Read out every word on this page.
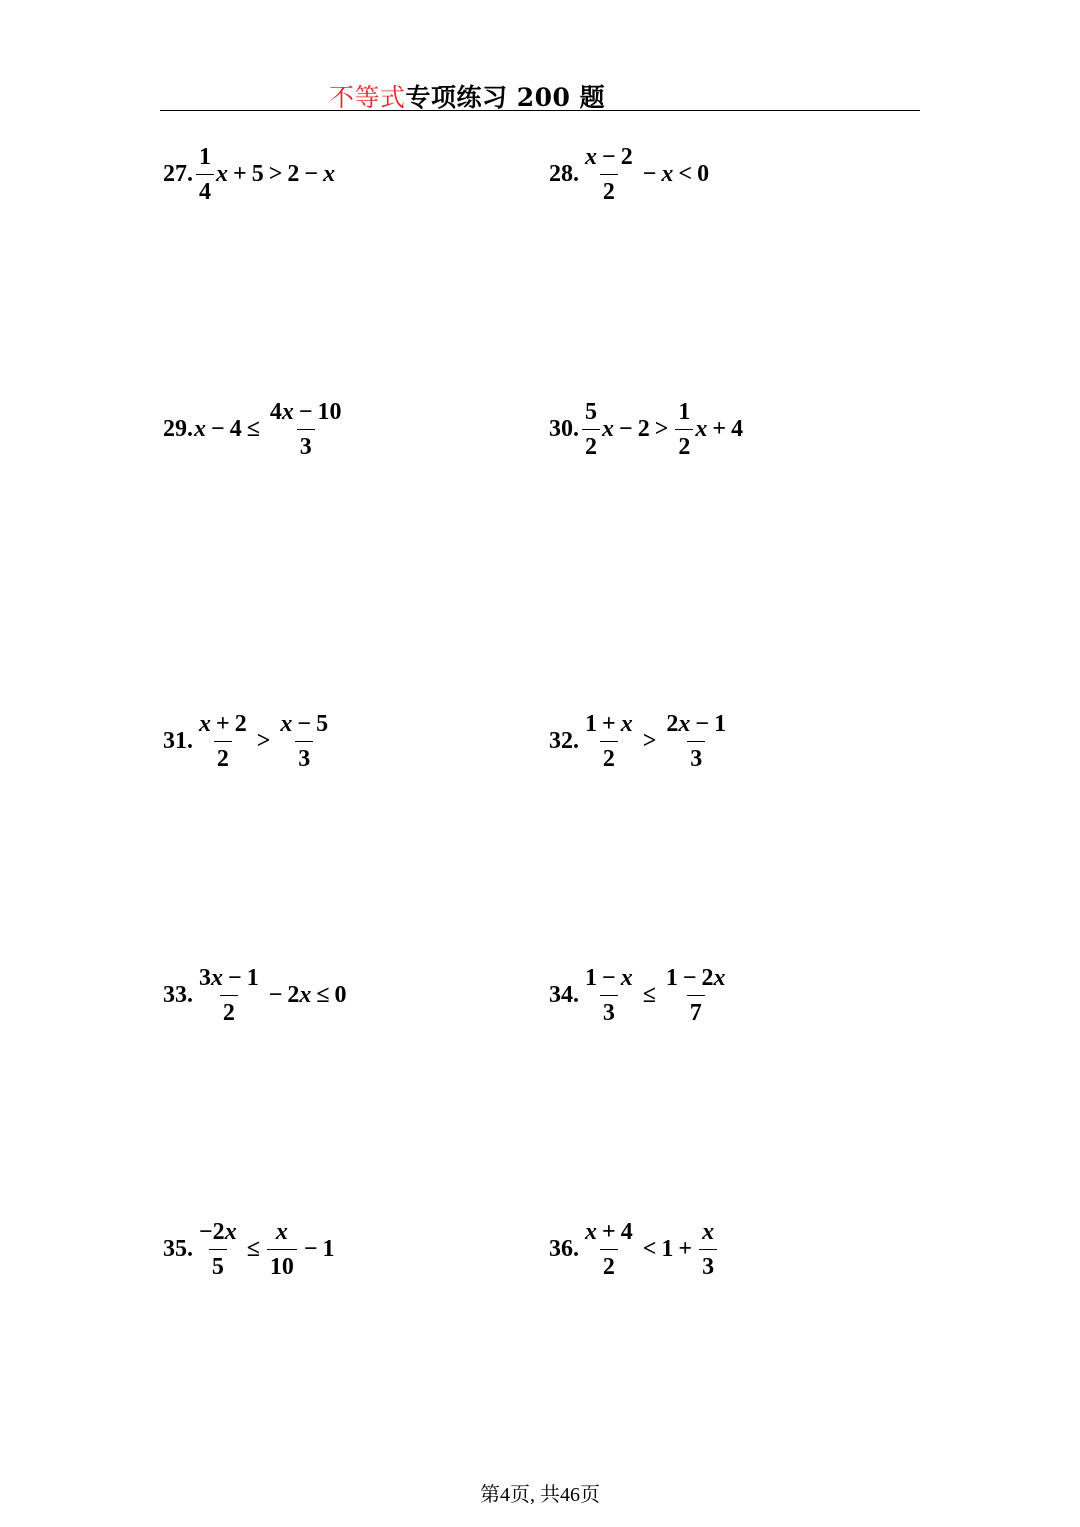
不等式专项练习 200 题
27. $\frac{1}{4}$ x + 5 > 2 − x	28. $\frac{x - 2}{2} - x < 0$
29. $x - 4 \le \frac{4x - 10}{3}$	30. $\frac{5}{2}$ $x - 2 > \frac{1}{2}$ x + 4
31. $\frac{x + 2}{2} > \frac{x - 5}{3}$	32. $\frac{1 + x}{2} > \frac{2x - 1}{3}$
33. $\frac{3x - 1}{2} - 2$ x ≤ 0	34. $\frac{1 - x}{3} \le \frac{1 - 2x}{7}$
35. $\frac{-2x}{5} \le \frac{x}{10} - 1$	36. $\frac{x + 4}{2} < 1 + \frac{x}{3}$
第4页, 共46页
